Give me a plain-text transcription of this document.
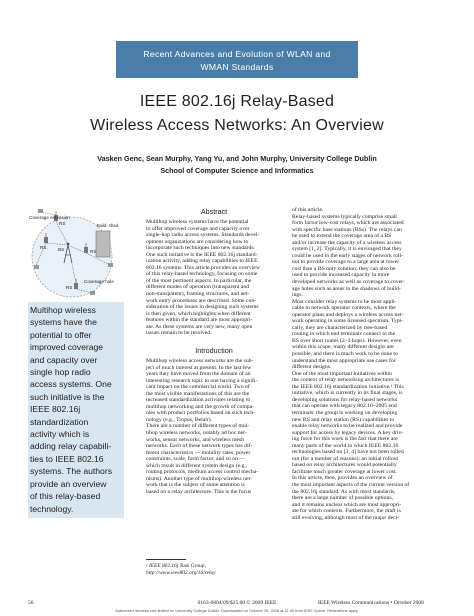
Recent Advances and Evolution of WLAN and
WMAN Standards
IEEE 802.16j Relay-Based
Wireless Access Networks: An Overview
Vasken Genc, Sean Murphy, Yang Yu, and John Murphy, University College Dublin
School of Computer Science and Informatics
Coverage extension
RS	Build- shad-
BS
RS
RS
RS
Coverage hole
Multihop wireless
systems have the
potential to offer
improved coverage
and capacity over
single hop radio
access systems. One
such initiative is the
IEEE 802.16j
standardization
activity which is
adding relay capabili-
ties to IEEE 802.16
systems. The authors
provide an overview
of this relay-based
technology.
Abstract
Multihop wireless systems have the potential
to offer improved coverage and capacity over
single-hop radio access systems. Standards devel-
opment organizations are considering how to
incorporate such techniques into new standards.
One such initiative is the IEEE 802.16j standard-
ization activity, adding relay capabilities to IEEE
802.16 systems. This article provides an overview
of this relay-based technology, focusing on some
of the most pertinent aspects. In particular, the
different modes of operation (transparent and
non-transparent), framing structures, and net-
work entry procedures are described. Some con-
sideration of the issues in designing such systems
is then given, which highlights when different
features within the standard are most appropri-
ate. As these systems are very new, many open
issues remain to be resolved.
Introduction
Multihop wireless access networks are the sub-
ject of much interest at present. In the last few
years they have moved from the domain of an
interesting research topic to one having a signifi-
cant impact on the commercial world. Two of
the most visible manifestations of this are the
increased standardization activities relating to
multihop networking and the growth of compa-
nies with product portfolios based on such tech-
nology (e.g., Tropos, Belair).
There are a number of different types of mul-
tihop wireless networks, notably ad hoc net-
works, sensor networks, and wireless mesh
networks. Each of these network types has dif-
ferent characteristics — mobility rates, power
constraints, scale, form factor, and so on —
which result in different system design (e.g.,
routing protocols, medium access control mecha-
nisms). Another type of multihop wireless net-
work that is the subject of some attention is
based on a relay architecture. This is the focus
¹ IEEE 802.16j Task Group,
http://www.ieee802.org/16/relay
of this article.
Relay-based systems typically comprise small
form factor low-cost relays, which are associated
with specific base stations (BSs). The relays can
be used to extend the coverage area of a BS
and/or increase the capacity of a wireless access
system [1, 2]. Typically, it is envisaged that they
could be used in the early stages of network roll-
out to provide coverage to a large area at lower
cost than a BS only solution; they can also be
used to provide increased capacity in more
developed networks as well as coverage to cover-
age holes such as areas in the shadows of build-
ings.
Most consider relay systems to be most appli-
cable in network operator contexts, where the
operator plans and deploys a wireless access net-
work operating in some licensed spectrum. Typi-
cally, they are characterized by tree-based
routing in which end terminals connect to the
BS over short routes (2–3 hops). However, even
within this scope, many different designs are
possible, and there is much work to be done to
understand the most appropriate use cases for
different designs.
One of the most important initiatives within
the context of relay networking architectures is
the IEEE 802.16j standardization initiative.¹ This
initiative, which is currently in its final stages, is
developing solutions for relay-based networks
that can operate with legacy 802.16–2005 end
terminals: the group is working on developing
new BS and relay station (RS) capabilities to
enable relay networks to be realized and provide
support for access by legacy devices. A key driv-
ing force for this work is the fact that there are
many parts of the world in which IEEE 802.16
technologies based on [3, 4] have not been rolled
out (for a number of reasons): an initial rollout
based on relay architectures would potentially
facilitate much greater coverage at lower cost.
In this article, then, provides an overview of
the most important aspects of the current version of
the 802.16j standard. As with most standards,
there are a large number of possible options,
and it remains unclear which are most appropri-
ate for which contexts. Furthermore, the draft is
still evolving, although most of the major deci-
56	0163-6804/09/$25.00 © 2009 IEEE	IEEE Wireless Communications • October 2008
Authorized licensed use limited to: University College Dublin. Downloaded on October 29, 2008 at 11:49 from IEEE Xplore. Restrictions apply.
